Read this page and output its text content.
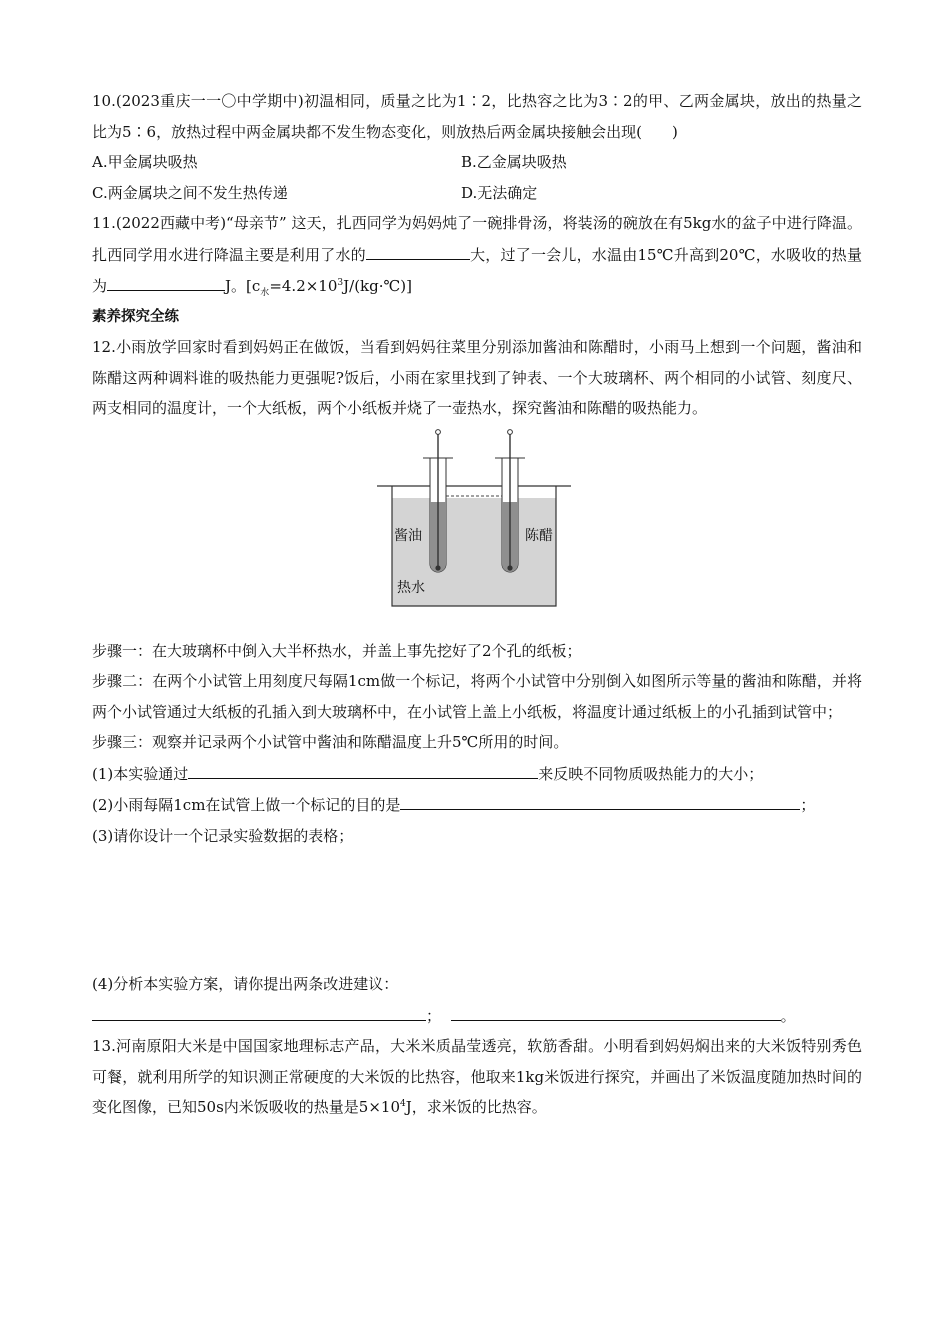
10.(2023重庆一一〇中学期中)初温相同，质量之比为1∶2，比热容之比为3∶2的甲、乙两金属块，放出的热量之比为5∶6，放热过程中两金属块都不发生物态变化，则放热后两金属块接触会出现(　　)

A.甲金属块吸热	B.乙金属块吸热
C.两金属块之间不发生热传递	D.无法确定

11.(2022西藏中考)“母亲节” 这天，扎西同学为妈妈炖了一碗排骨汤，将装汤的碗放在有5kg水的盆子中进行降温。扎西同学用水进行降温主要是利用了水的	大，过了一会儿，水温由15℃升高到20℃，水吸收的热量为	J。$[c_水=4.2\times 10^3J/(kg\cdot℃)]$

素养探究全练

12.小雨放学回家时看到妈妈正在做饭，当看到妈妈往菜里分别添加酱油和陈醋时，小雨马上想到一个问题，酱油和陈醋这两种调料谁的吸热能力更强呢?饭后，小雨在家里找到了钟表、一个大玻璃杯、两个相同的小试管、刻度尺、两支相同的温度计，一个大纸板，两个小纸板并烧了一壶热水，探究酱油和陈醋的吸热能力。

酱油	陈醋
热水

步骤一：在大玻璃杯中倒入大半杯热水，并盖上事先挖好了2个孔的纸板；

步骤二：在两个小试管上用刻度尺每隔1cm做一个标记，将两个小试管中分别倒入如图所示等量的酱油和陈醋，并将两个小试管通过大纸板的孔插入到大玻璃杯中，在小试管上盖上小纸板，将温度计通过纸板上的小孔插到试管中；

步骤三：观察并记录两个小试管中酱油和陈醋温度上升5℃所用的时间。

(1)本实验通过	来反映不同物质吸热能力的大小；

(2)小雨每隔1cm在试管上做一个标记的目的是	；

(3)请你设计一个记录实验数据的表格；

(4)分析本实验方案，请你提出两条改进建议：

；	。

13.河南原阳大米是中国国家地理标志产品，大米米质晶莹透亮，软筋香甜。小明看到妈妈焖出来的大米饭特别秀色可餐，就利用所学的知识测正常硬度的大米饭的比热容，他取来1kg米饭进行探究，并画出了米饭温度随加热时间的变化图像，已知50s内米饭吸收的热量是$5\times 10^4J$，求米饭的比热容。
